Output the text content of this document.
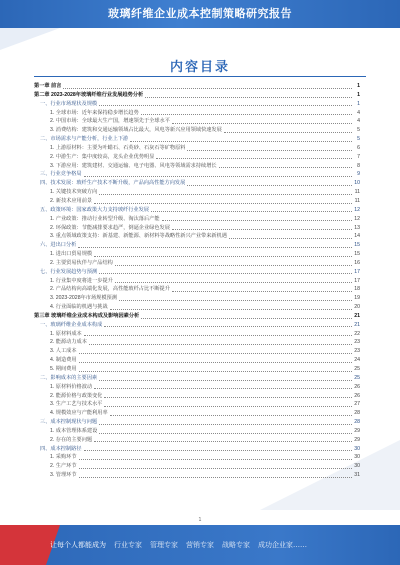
玻璃纤维企业成本控制策略研究报告
内容目录
第一章 前言	1
第二章 2023-2028年玻璃纤维行业发展趋势分析	1
一、行业市场现状及规模	1
1. 全球市场：近年来保持稳步增长趋势	4
2. 中国市场：全球最大生产国，增速领先于全球水平	4
3. 消费结构：建筑和交通运输领域占比最大，风电等新兴应用领域快速发展	5
二、市场需求与产能分析，行业上下游	5
1. 上游原材料：主要为叶蜡石、石英砂、石灰石等矿物原料	6
2. 中游生产：集中度较高，龙头企业优势明显	7
3. 下游应用：建筑建材、交通运输、电子电器、风电等领域需求持续增长	8
三、行业竞争格局	9
四、技术发展：玻纤生产技术不断升级，产品向高性能方向发展	10
1. 关键技术突破方向	11
2. 新技术应用前景	11
五、政策环境：国家政策大力支持玻纤行业发展	12
1. 产业政策：推动行业转型升级、淘汰落后产能	12
2. 环保政策：节能减排要求趋严，倒逼企业绿色发展	13
3. 重点领域政策支持：新基建、新能源、新材料等战略性新兴产业带来新机遇	14
六、进出口分析	15
1. 进出口贸易规模	15
2. 主要贸易伙伴与产品结构	16
七、行业发展趋势与预测	17
1. 行业集中度将进一步提升	17
2. 产品结构向高端化发展，高性能玻纤占比不断提升	18
3. 2023-2028年市场规模预测	19
4. 行业面临的机遇与挑战	20
第三章 玻璃纤维企业成本构成及影响因素分析	21
一、玻璃纤维企业成本构成	21
1. 原材料成本	22
2. 能源动力成本	23
3. 人工成本	23
4. 制造费用	24
5. 期间费用	25
二、影响成本的主要因素	25
1. 原材料价格波动	26
2. 能源价格与政策变化	26
3. 生产工艺与技术水平	27
4. 规模效应与产能利用率	28
三、成本控制现状与问题	28
1. 成本管理体系建设	29
2. 存在的主要问题	29
四、成本控制路径	30
1. 采购环节	30
2. 生产环节	30
3. 管理环节	31
1
让每个人都能成为 行业专家 管理专家 营销专家 战略专家 成功企业家……
